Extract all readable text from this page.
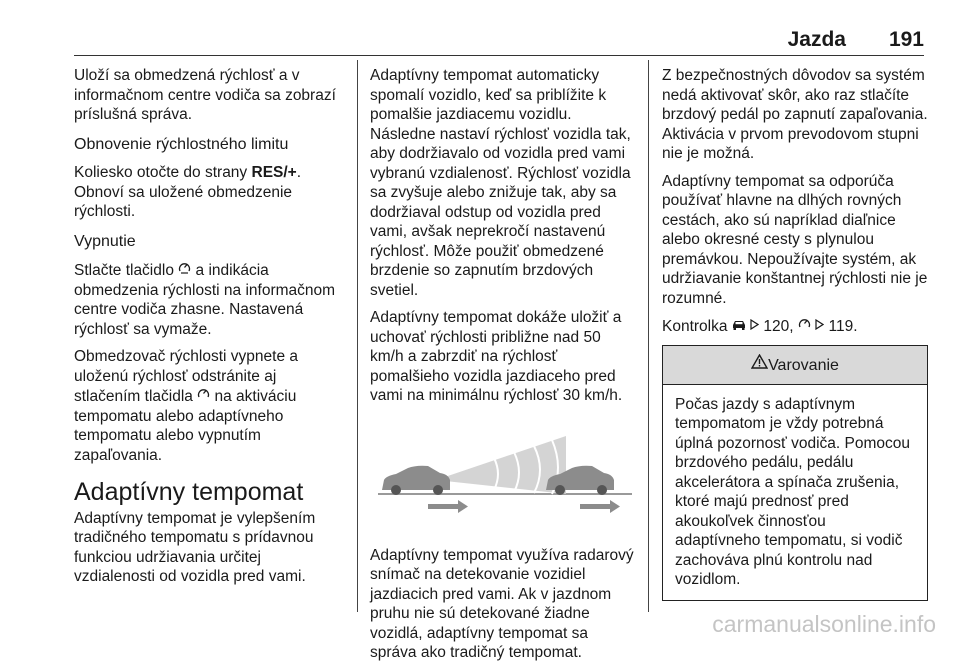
Jazda 191

Uloží sa obmedzená rýchlosť a v informačnom centre vodiča sa zobrazí príslušná správa.

Obnovenie rýchlostného limitu

Koliesko otočte do strany RES/+. Obnoví sa uložené obmedzenie rýchlosti.

Vypnutie

Stlačte tlačidlo  a indikácia obmedzenia rýchlosti na informačnom centre vodiča zhasne. Nastavená rýchlosť sa vymaže.

Obmedzovač rýchlosti vypnete a uloženú rýchlosť odstránite aj stlačením tlačidla  na aktiváciu tempomatu alebo adaptívneho tempomatu alebo vypnutím zapaľovania.

Adaptívny tempomat

Adaptívny tempomat je vylepšením tradičného tempomatu s prídavnou funkciou udržiavania určitej vzdialenosti od vozidla pred vami.

Adaptívny tempomat automaticky spomalí vozidlo, keď sa priblížite k pomalšie jazdiacemu vozidlu. Následne nastaví rýchlosť vozidla tak, aby dodržiavalo od vozidla pred vami vybranú vzdialenosť. Rýchlosť vozidla sa zvyšuje alebo znižuje tak, aby sa dodržiaval odstup od vozidla pred vami, avšak neprekročí nastavenú rýchlosť. Môže použiť obmedzené brzdenie so zapnutím brzdových svetiel.

Adaptívny tempomat dokáže uložiť a uchovať rýchlosti približne nad 50 km/h a zabrzdiť na rýchlosť pomalšieho vozidla jazdiaceho pred vami na minimálnu rýchlosť 30 km/h.

Adaptívny tempomat využíva radarový snímač na detekovanie vozidiel jazdiacich pred vami. Ak v jazdnom pruhu nie sú detekované žiadne vozidlá, adaptívny tempomat sa správa ako tradičný tempomat.

Z bezpečnostných dôvodov sa systém nedá aktivovať skôr, ako raz stlačíte brzdový pedál po zapnutí zapaľovania. Aktivácia v prvom prevodovom stupni nie je možná.

Adaptívny tempomat sa odporúča používať hlavne na dlhých rovných cestách, ako sú napríklad diaľnice alebo okresné cesty s plynulou premávkou. Nepoužívajte systém, ak udržiavanie konštantnej rýchlosti nie je rozumné.

Kontrolka   120,   119.

Varovanie
Počas jazdy s adaptívnym tempomatom je vždy potrebná úplná pozornosť vodiča. Pomocou brzdového pedálu, pedálu akcelerátora a spínača zrušenia, ktoré majú prednosť pred akoukoľvek činnosťou adaptívneho tempomatu, si vodič zachováva plnú kontrolu nad vozidlom.
carmanualsonline.info
